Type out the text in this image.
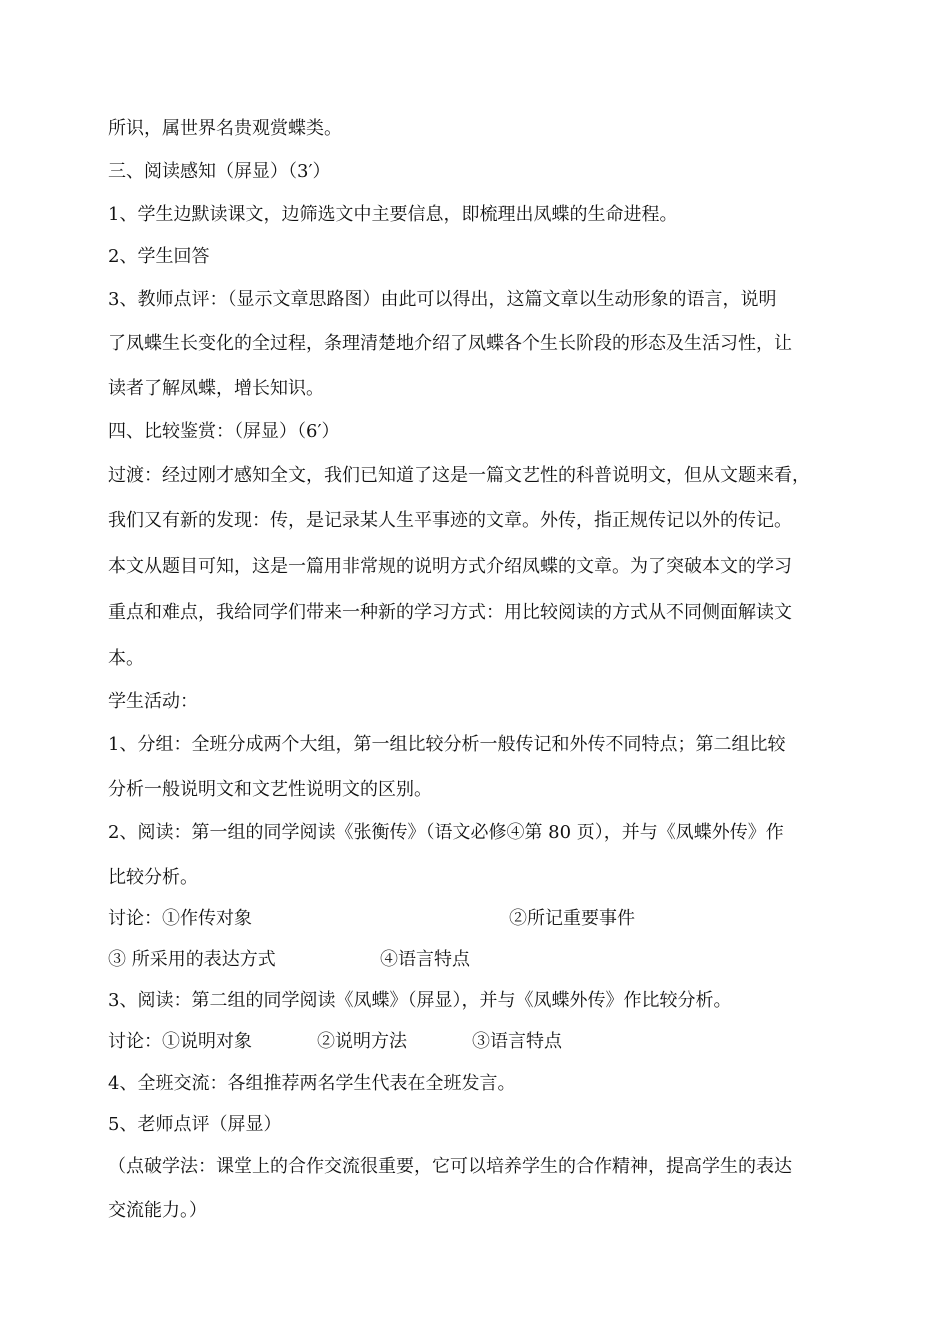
所识，属世界名贵观赏蝶类。
三、阅读感知（屏显）（3′）
1、学生边默读课文，边筛选文中主要信息，即梳理出凤蝶的生命进程。
2、学生回答
3、教师点评：（显示文章思路图）由此可以得出，这篇文章以生动形象的语言，说明
了凤蝶生长变化的全过程，条理清楚地介绍了凤蝶各个生长阶段的形态及生活习性，让
读者了解凤蝶，增长知识。
四、比较鉴赏：（屏显）（6′）
过渡：经过刚才感知全文，我们已知道了这是一篇文艺性的科普说明文，但从文题来看，
我们又有新的发现：传，是记录某人生平事迹的文章。外传，指正规传记以外的传记。
本文从题目可知，这是一篇用非常规的说明方式介绍凤蝶的文章。为了突破本文的学习
重点和难点，我给同学们带来一种新的学习方式：用比较阅读的方式从不同侧面解读文
本。
学生活动：
1、分组：全班分成两个大组，第一组比较分析一般传记和外传不同特点；第二组比较
分析一般说明文和文艺性说明文的区别。
2、阅读：第一组的同学阅读《张衡传》（语文必修④第 80 页），并与《凤蝶外传》作
比较分析。
讨论：①作传对象	②所记重要事件
③ 所采用的表达方式	④语言特点
3、阅读：第二组的同学阅读《凤蝶》（屏显），并与《凤蝶外传》作比较分析。
讨论：①说明对象	②说明方法	③语言特点
4、全班交流：各组推荐两名学生代表在全班发言。
5、老师点评（屏显）
（点破学法：课堂上的合作交流很重要，它可以培养学生的合作精神，提高学生的表达
交流能力。）
